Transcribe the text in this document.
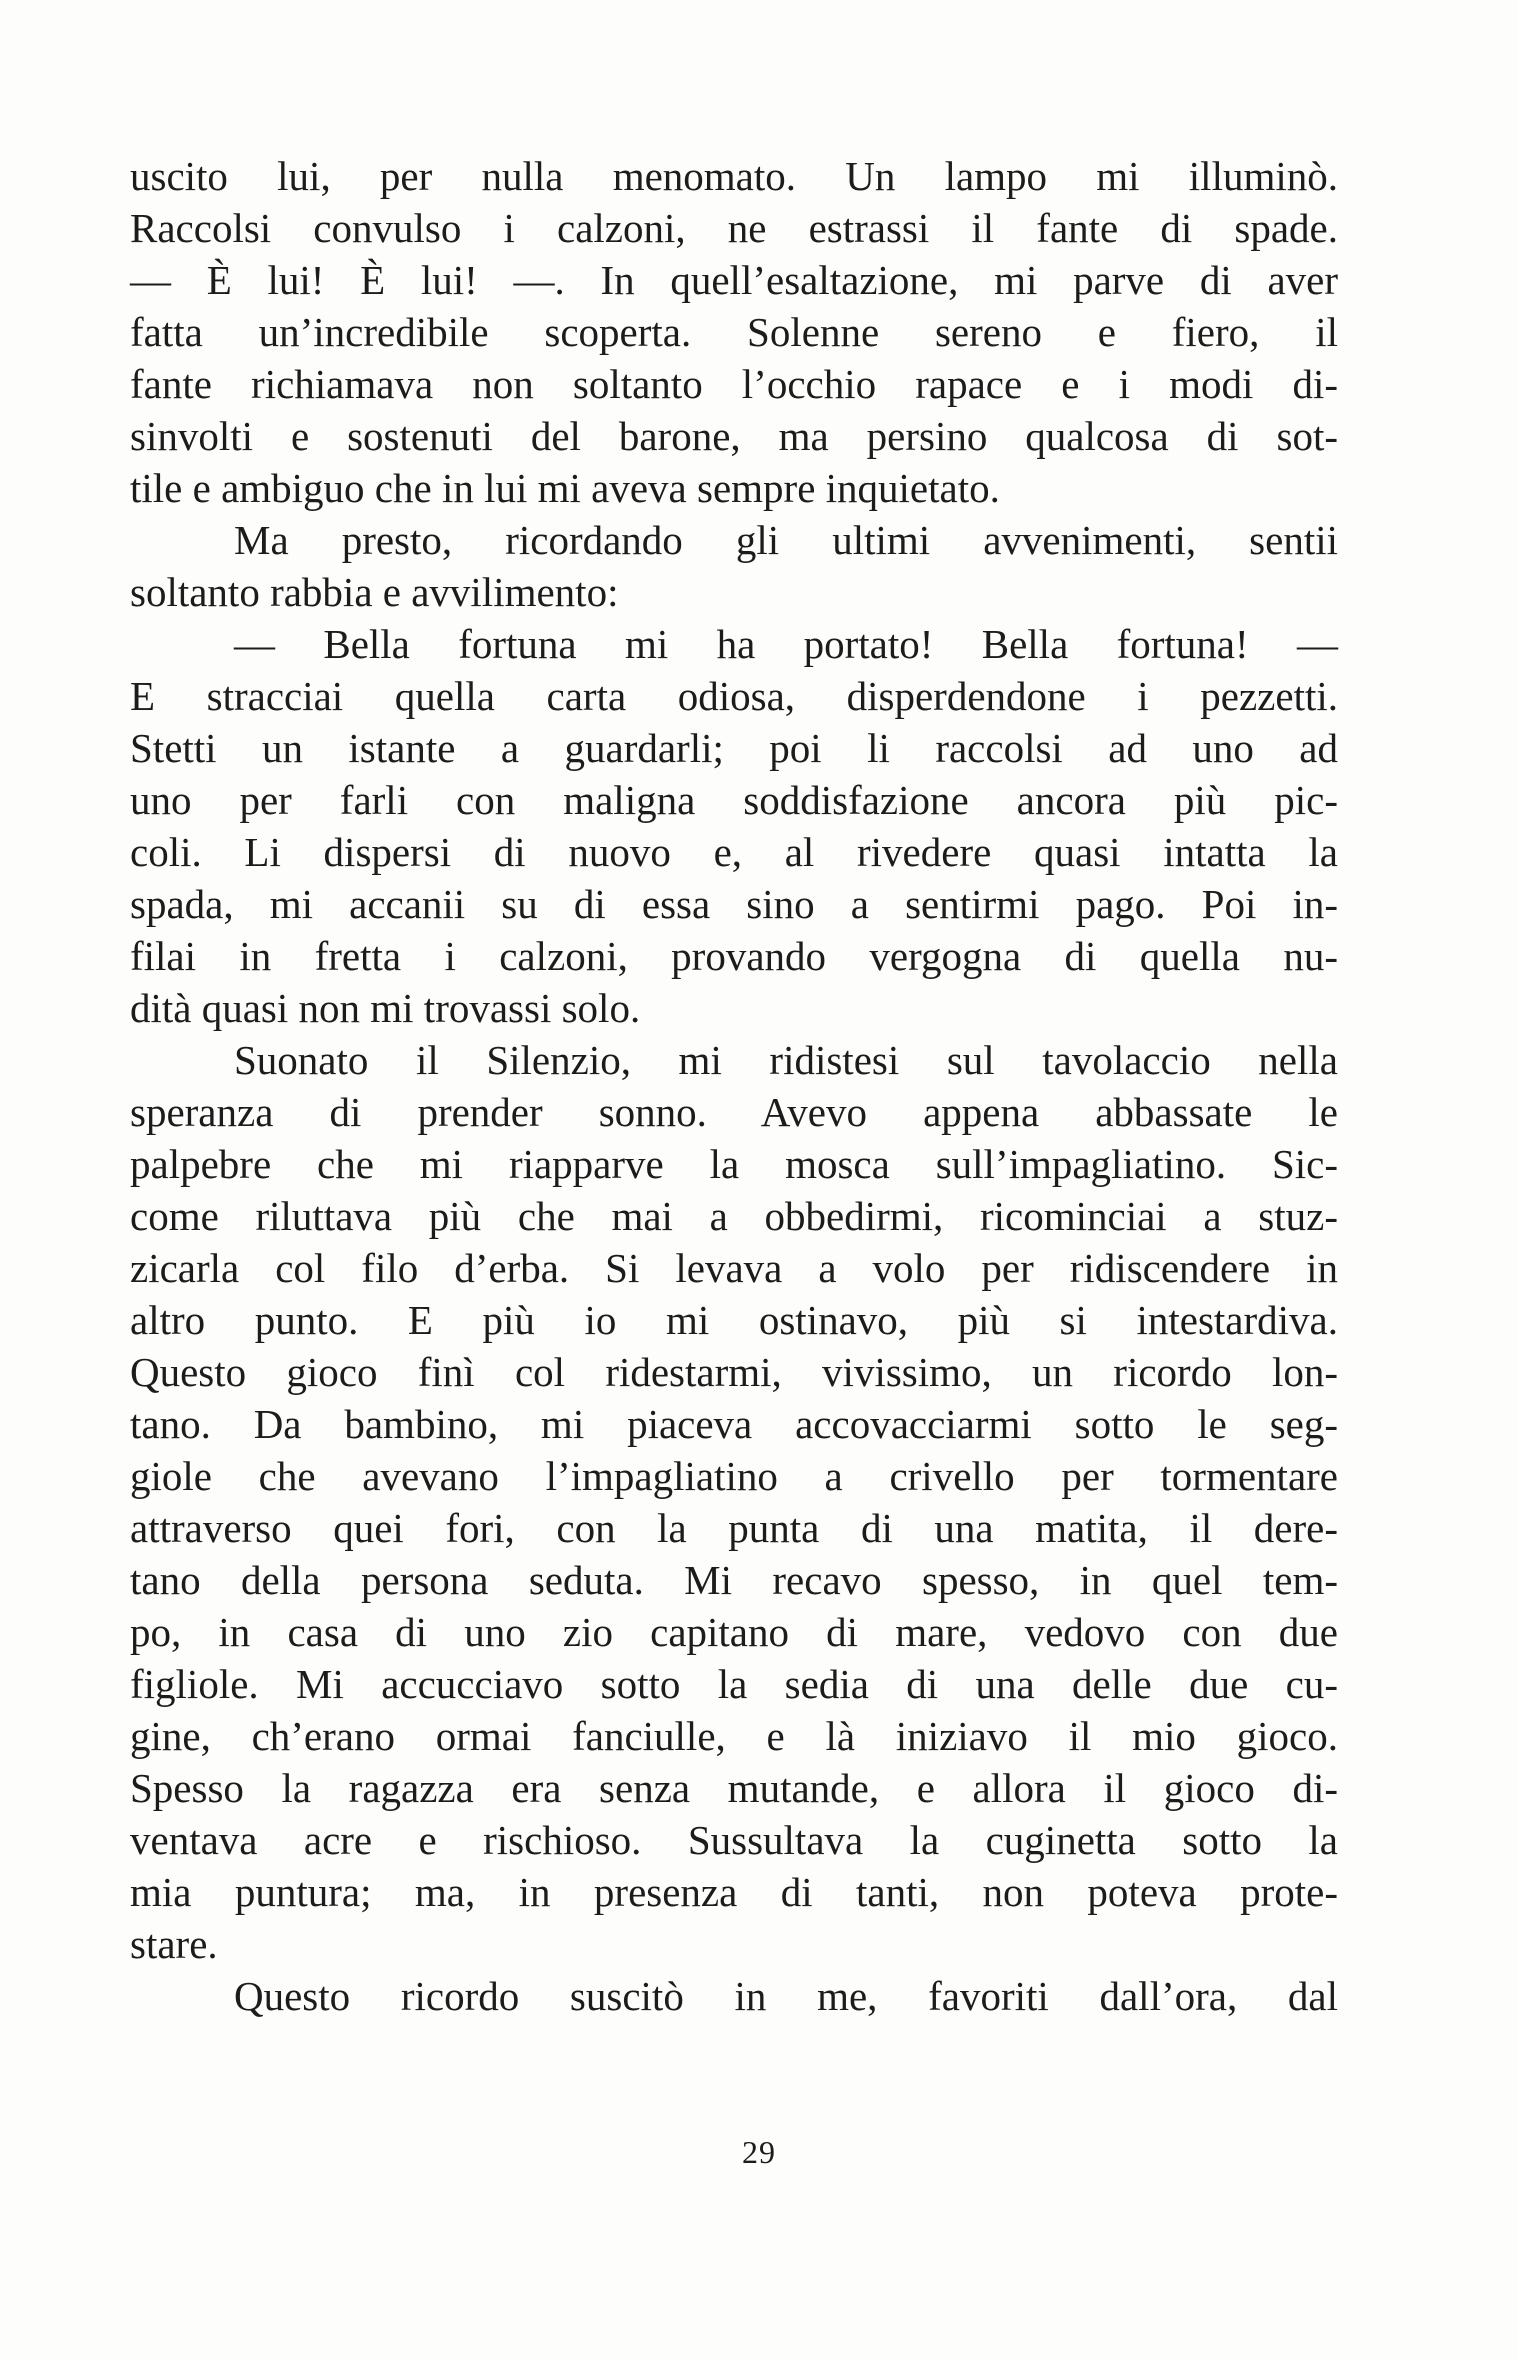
uscito lui, per nulla menomato. Un lampo mi illuminò.
Raccolsi convulso i calzoni, ne estrassi il fante di spade.
— È lui! È lui! —. In quell’esaltazione, mi parve di aver
fatta un’incredibile scoperta. Solenne sereno e fiero, il
fante richiamava non soltanto l’occhio rapace e i modi di-
sinvolti e sostenuti del barone, ma persino qualcosa di sot-
tile e ambiguo che in lui mi aveva sempre inquietato.
Ma presto, ricordando gli ultimi avvenimenti, sentii
soltanto rabbia e avvilimento:
— Bella fortuna mi ha portato! Bella fortuna! —
E stracciai quella carta odiosa, disperdendone i pezzetti.
Stetti un istante a guardarli; poi li raccolsi ad uno ad
uno per farli con maligna soddisfazione ancora più pic-
coli. Li dispersi di nuovo e, al rivedere quasi intatta la
spada, mi accanii su di essa sino a sentirmi pago. Poi in-
filai in fretta i calzoni, provando vergogna di quella nu-
dità quasi non mi trovassi solo.
Suonato il Silenzio, mi ridistesi sul tavolaccio nella
speranza di prender sonno. Avevo appena abbassate le
palpebre che mi riapparve la mosca sull’impagliatino. Sic-
come riluttava più che mai a obbedirmi, ricominciai a stuz-
zicarla col filo d’erba. Si levava a volo per ridiscendere in
altro punto. E più io mi ostinavo, più si intestardiva.
Questo gioco finì col ridestarmi, vivissimo, un ricordo lon-
tano. Da bambino, mi piaceva accovacciarmi sotto le seg-
giole che avevano l’impagliatino a crivello per tormentare
attraverso quei fori, con la punta di una matita, il dere-
tano della persona seduta. Mi recavo spesso, in quel tem-
po, in casa di uno zio capitano di mare, vedovo con due
figliole. Mi accucciavo sotto la sedia di una delle due cu-
gine, ch’erano ormai fanciulle, e là iniziavo il mio gioco.
Spesso la ragazza era senza mutande, e allora il gioco di-
ventava acre e rischioso. Sussultava la cuginetta sotto la
mia puntura; ma, in presenza di tanti, non poteva prote-
stare.
Questo ricordo suscitò in me, favoriti dall’ora, dal
29
